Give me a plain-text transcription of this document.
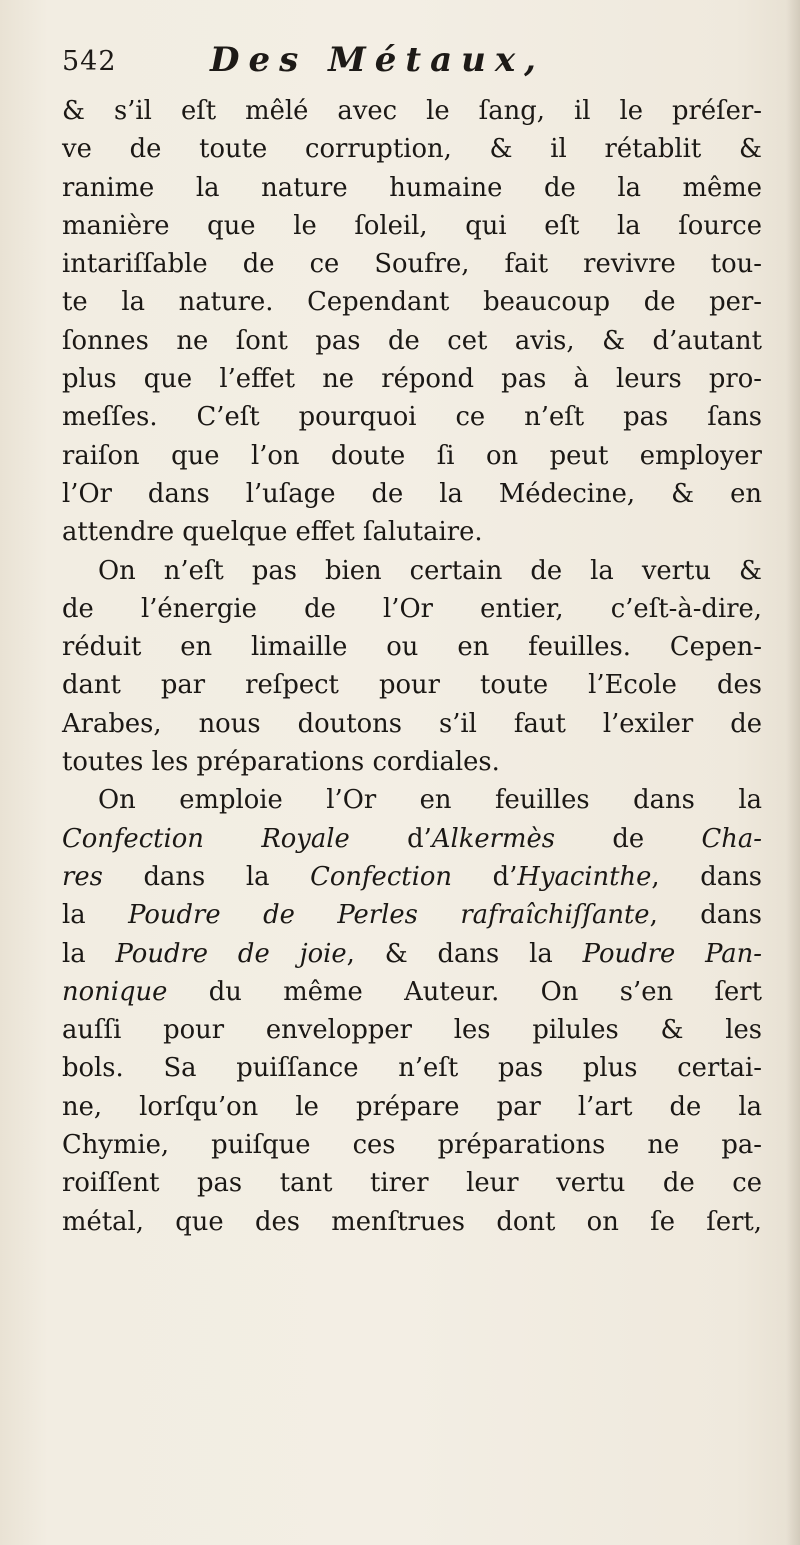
542	Des Métaux,
& s’il eſt mêlé avec le ſang, il le préſer-
ve de toute corruption, & il rétablit &
ranime la nature humaine de la même
manière que le ſoleil, qui eſt la ſource
intariſſable de ce Soufre, fait revivre tou-
te la nature. Cependant beaucoup de per-
ſonnes ne ſont pas de cet avis, & d’autant
plus que l’effet ne répond pas à leurs pro-
meſſes. C’eſt pourquoi ce n’eſt pas ſans
raiſon que l’on doute ſi on peut employer
l’Or dans l’uſage de la Médecine, & en
attendre quelque effet ſalutaire.
On n’eſt pas bien certain de la vertu &
de l’énergie de l’Or entier, c’eſt-à-dire,
réduit en limaille ou en feuilles. Cepen-
dant par reſpect pour toute l’Ecole des
Arabes, nous doutons s’il faut l’exiler de
toutes les préparations cordiales.
On emploie l’Or en feuilles dans la
Confection Royale d’Alkermès de Cha-
res dans la Confection d’Hyacinthe, dans
la Poudre de Perles rafraîchiſſante, dans
la Poudre de joie, & dans la Poudre Pan-
nonique du même Auteur. On s’en ſert
auſſi pour envelopper les pilules & les
bols. Sa puiſſance n’eſt pas plus certai-
ne, lorſqu’on le prépare par l’art de la
Chymie, puiſque ces préparations ne pa-
roiſſent pas tant tirer leur vertu de ce
métal, que des menſtrues dont on ſe ſert,
